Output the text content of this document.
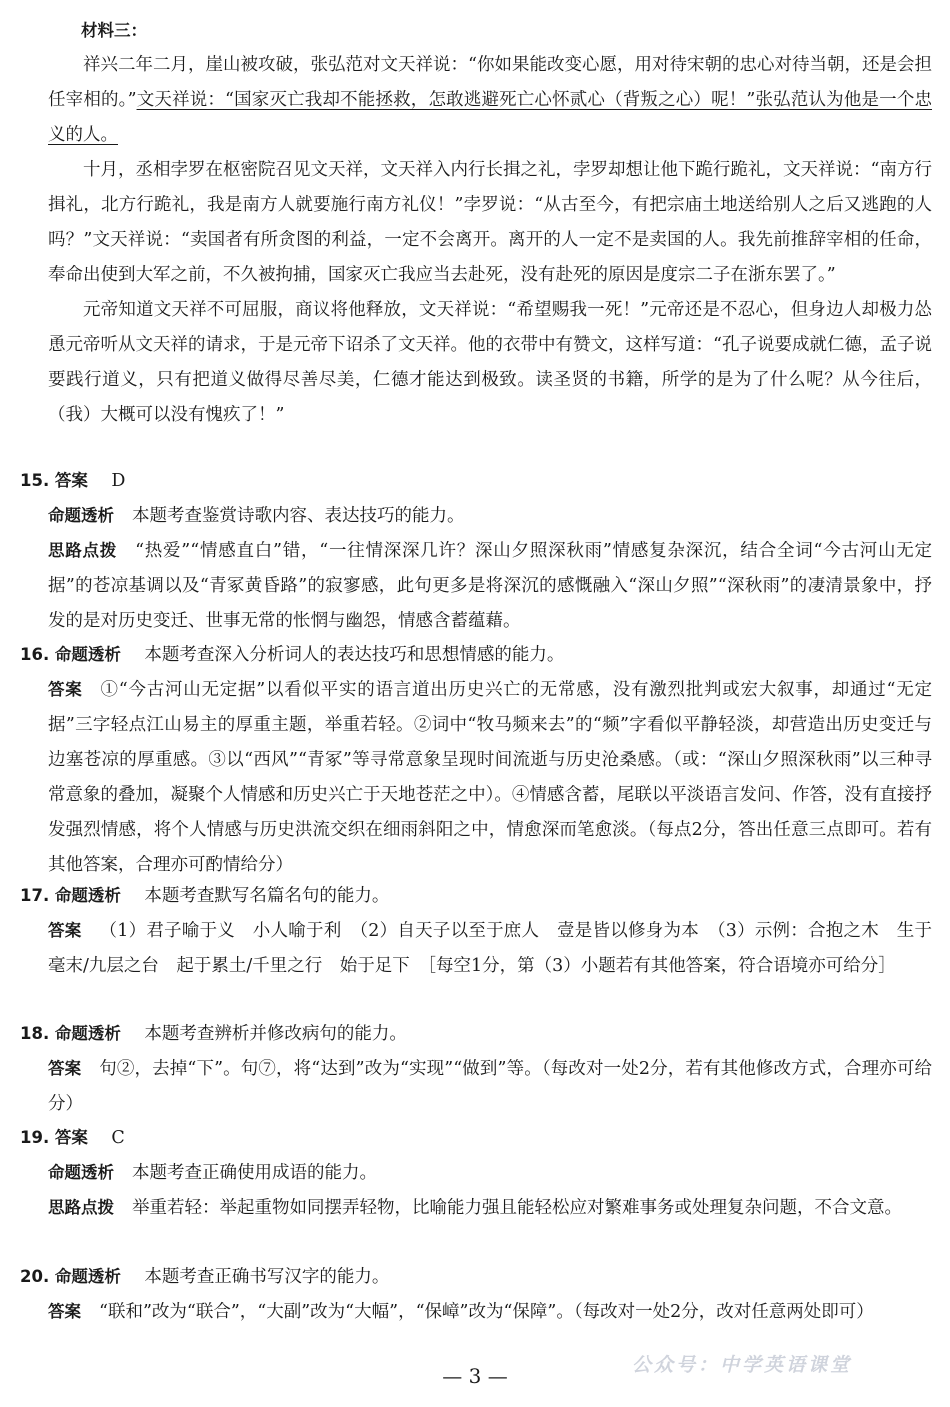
材料三：

祥兴二年二月，崖山被攻破，张弘范对文天祥说：“你如果能改变心愿，用对待宋朝的忠心对待当朝，还是会担任宰相的。”文天祥说：“国家灭亡我却不能拯救，怎敢逃避死亡心怀贰心（背叛之心）呢！”张弘范认为他是一个忠义的人。

十月，丞相孛罗在枢密院召见文天祥，文天祥入内行长揖之礼，孛罗却想让他下跪行跪礼，文天祥说：“南方行揖礼，北方行跪礼，我是南方人就要施行南方礼仪！”孛罗说：“从古至今，有把宗庙土地送给别人之后又逃跑的人吗？”文天祥说：“卖国者有所贪图的利益，一定不会离开。离开的人一定不是卖国的人。我先前推辞宰相的任命，奉命出使到大军之前，不久被拘捕，国家灭亡我应当去赴死，没有赴死的原因是度宗二子在浙东罢了。”

元帝知道文天祥不可屈服，商议将他释放，文天祥说：“希望赐我一死！”元帝还是不忍心，但身边人却极力怂恿元帝听从文天祥的请求，于是元帝下诏杀了文天祥。他的衣带中有赞文，这样写道：“孔子说要成就仁德，孟子说要践行道义，只有把道义做得尽善尽美，仁德才能达到极致。读圣贤的书籍，所学的是为了什么呢？从今往后，（我）大概可以没有愧疚了！”

15. 答案 D
命题透析 本题考查鉴赏诗歌内容、表达技巧的能力。
思路点拨 “热爱”“情感直白”错，“一往情深深几许？深山夕照深秋雨”情感复杂深沉，结合全词“今古河山无定据”的苍凉基调以及“青冢黄昏路”的寂寥感，此句更多是将深沉的感慨融入“深山夕照”“深秋雨”的凄清景象中，抒发的是对历史变迁、世事无常的怅惘与幽怨，情感含蓄蕴藉。
16. 命题透析 本题考查深入分析词人的表达技巧和思想情感的能力。
答案 ①“今古河山无定据”以看似平实的语言道出历史兴亡的无常感，没有激烈批判或宏大叙事，却通过“无定据”三字轻点江山易主的厚重主题，举重若轻。②词中“牧马频来去”的“频”字看似平静轻淡，却营造出历史变迁与边塞苍凉的厚重感。③以“西风”“青冢”等寻常意象呈现时间流逝与历史沧桑感。（或：“深山夕照深秋雨”以三种寻常意象的叠加，凝聚个人情感和历史兴亡于天地苍茫之中）。④情感含蓄，尾联以平淡语言发问、作答，没有直接抒发强烈情感，将个人情感与历史洪流交织在细雨斜阳之中，情愈深而笔愈淡。（每点2分，答出任意三点即可。若有其他答案，合理亦可酌情给分）
17. 命题透析 本题考查默写名篇名句的能力。
答案 （1）君子喻于义　小人喻于利　（2）自天子以至于庶人　壹是皆以修身为本　（3）示例：合抱之木　生于毫末/九层之台　起于累土/千里之行　始于足下　［每空1分，第（3）小题若有其他答案，符合语境亦可给分］
18. 命题透析 本题考查辨析并修改病句的能力。
答案 句②，去掉“下”。句⑦，将“达到”改为“实现”“做到”等。（每改对一处2分，若有其他修改方式，合理亦可给分）
19. 答案 C
命题透析 本题考查正确使用成语的能力。
思路点拨 举重若轻：举起重物如同摆弄轻物，比喻能力强且能轻松应对繁难事务或处理复杂问题，不合文意。
20. 命题透析 本题考查正确书写汉字的能力。
答案 “联和”改为“联合”，“大副”改为“大幅”，“保嶂”改为“保障”。（每改对一处2分，改对任意两处即可）
— 3 —	公众号：中学英语课堂
